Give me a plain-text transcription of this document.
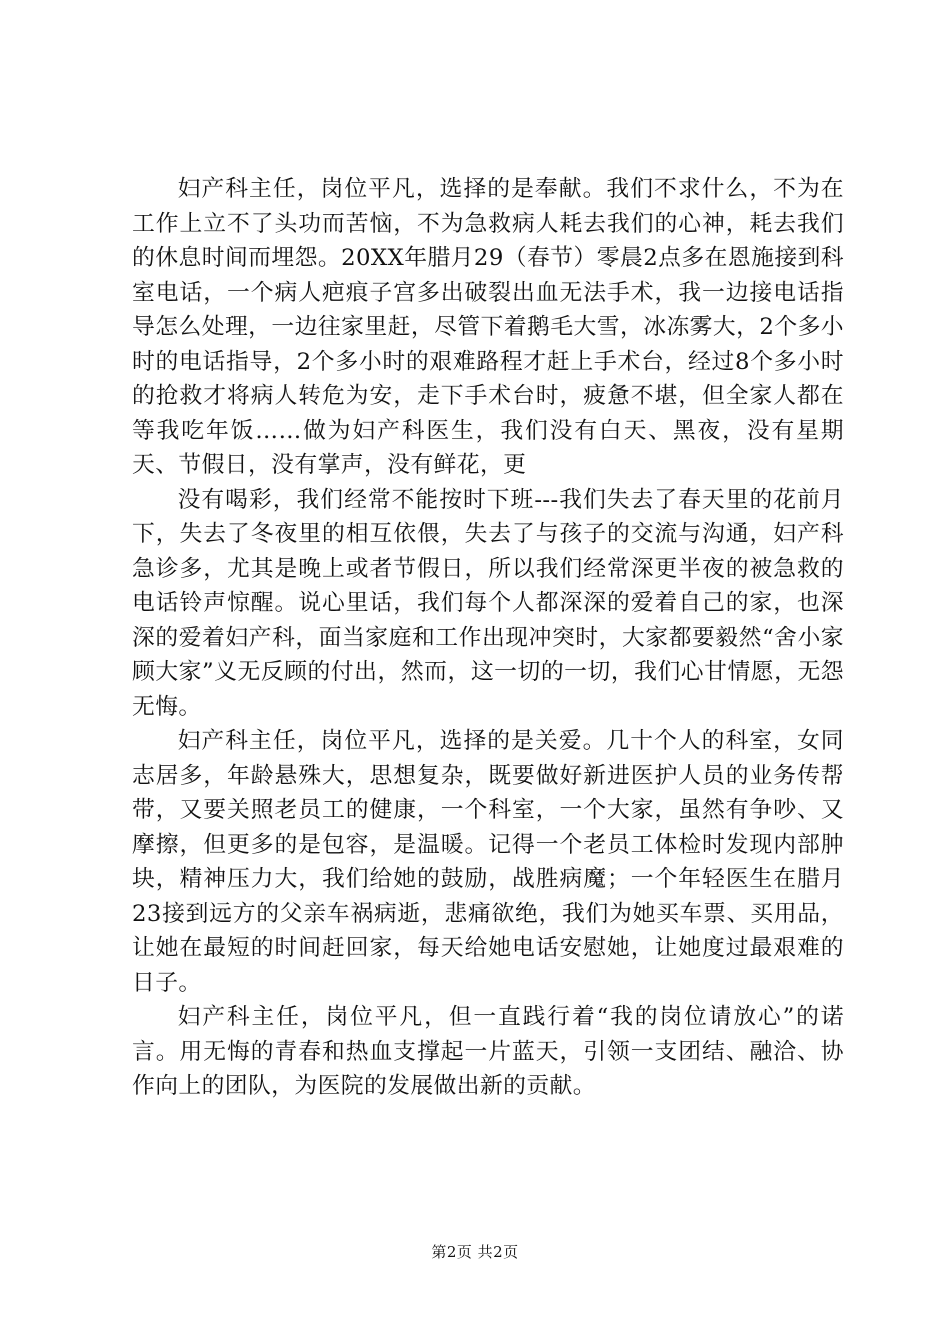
妇产科主任，岗位平凡，选择的是奉献。我们不求什么，不为在工作上立不了头功而苦恼，不为急救病人耗去我们的心神，耗去我们的休息时间而埋怨。20XX年腊月29（春节）零晨2点多在恩施接到科室电话，一个病人疤痕子宫多出破裂出血无法手术，我一边接电话指导怎么处理，一边往家里赶，尽管下着鹅毛大雪，冰冻雾大，2个多小时的电话指导，2个多小时的艰难路程才赶上手术台，经过8个多小时的抢救才将病人转危为安，走下手术台时，疲惫不堪，但全家人都在等我吃年饭……做为妇产科医生，我们没有白天、黑夜，没有星期天、节假日，没有掌声，没有鲜花，更

没有喝彩，我们经常不能按时下班---我们失去了春天里的花前月下，失去了冬夜里的相互依偎，失去了与孩子的交流与沟通，妇产科急诊多，尤其是晚上或者节假日，所以我们经常深更半夜的被急救的电话铃声惊醒。说心里话，我们每个人都深深的爱着自己的家，也深深的爱着妇产科，面当家庭和工作出现冲突时，大家都要毅然“舍小家顾大家”义无反顾的付出，然而，这一切的一切，我们心甘情愿，无怨无悔。

妇产科主任，岗位平凡，选择的是关爱。几十个人的科室，女同志居多，年龄悬殊大，思想复杂，既要做好新进医护人员的业务传帮带，又要关照老员工的健康，一个科室，一个大家，虽然有争吵、又摩擦，但更多的是包容，是温暖。记得一个老员工体检时发现内部肿块，精神压力大，我们给她的鼓励，战胜病魔；一个年轻医生在腊月23接到远方的父亲车祸病逝，悲痛欲绝，我们为她买车票、买用品，让她在最短的时间赶回家，每天给她电话安慰她，让她度过最艰难的日子。

妇产科主任，岗位平凡，但一直践行着“我的岗位请放心”的诺言。用无悔的青春和热血支撑起一片蓝天，引领一支团结、融洽、协作向上的团队，为医院的发展做出新的贡献。

第2页 共2页
